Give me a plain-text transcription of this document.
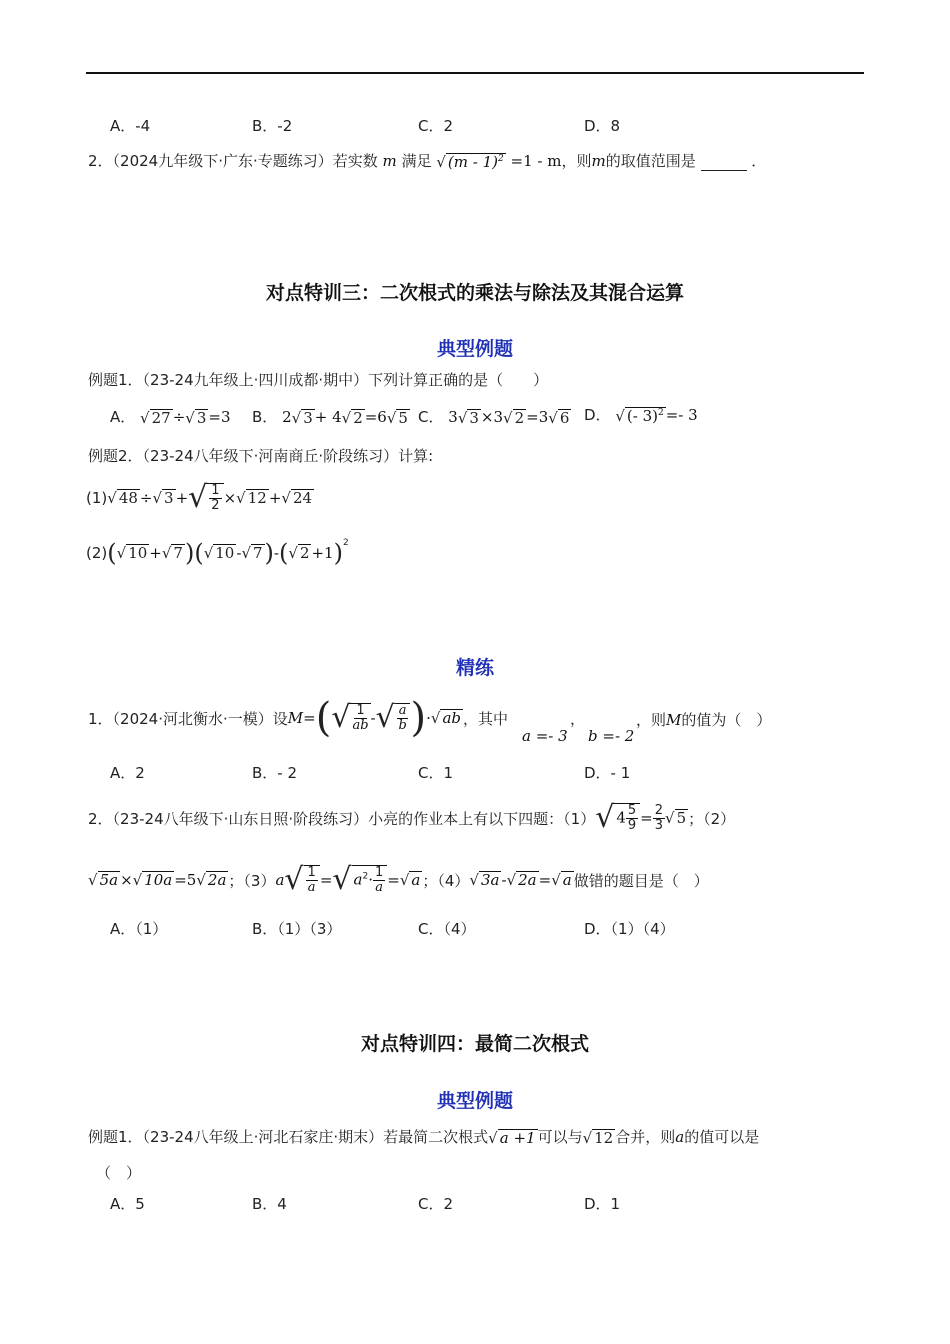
A．-4	B．-2	C．2	D．8
2．（2024九年级下·广东·专题练习）若实数 m 满足 √ (m - 1)$^2$ =1 - m，则m的取值范围是	．
对点特训三：二次根式的乘法与除法及其混合运算
典型例题
例题1．（23-24九年级上·四川成都·期中）下列计算正确的是（　　）
A． √ 27 ÷√ 3 =3 B． 2√ 3 + 4√ 2 =6√ 5 C． 3√ 3 ×3√ 2 =3√ 6 D． √ (- 3)$^2$ =- 3
例题2．（23-24八年级下·河南商丘·阶段练习）计算:
(1) √ 48 ÷ √ 3 + √ $\frac{1}{2}$ × √ 12 + √ 24
(2) ( √ 10 + √ 7 )( √ 10 - √ 7 ) - ( √ 2 +1 )$^2$
精练
1．（2024·河北衡水·一模）设 M = ( √ $\frac{1}{ab}$ - √ $\frac{a}{b}$ ) · √ ab ，其中
a =- 3
，
b =- 2
，则M的值为（　）
A．2	B．- 2	C．1	D．- 1
2．（23-24八年级下·山东日照·阶段练习）小亮的作业本上有以下四题：（1） √ $4 \frac{5}{9} = \frac{2}{3}$ √ 5 ；（2）
√ 5a × √ 10a =5 √ 2a ；（3） a √ $\frac{1}{a}$ = √ $a^2\cdot \frac{1}{a}$ = √ a ；（4） √ 3a - √ 2a = √ a 做错的题目是（　）
A．（1）	B．（1）（3）	C．（4）	D．（1）（4）
对点特训四：最简二次根式
典型例题
例题1．（23-24八年级上·河北石家庄·期末）若最简二次根式√ a +1 可以与√ 12 合并，则a的值可以是
（　）
A．5	B．4	C．2	D．1
